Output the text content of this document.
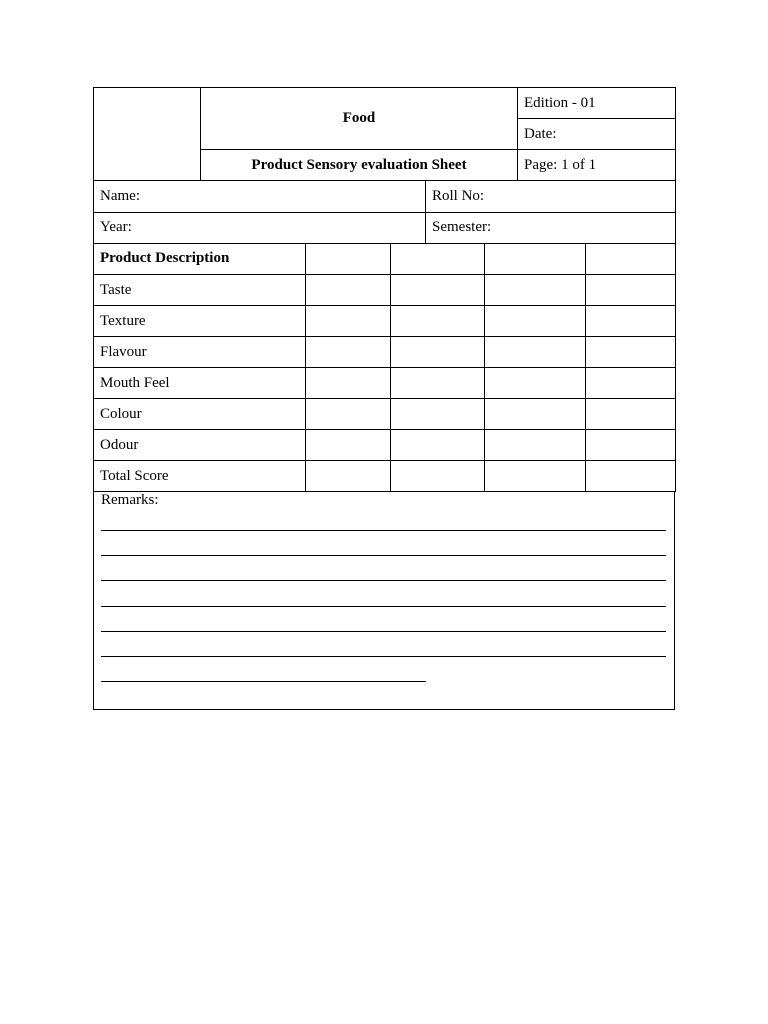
	Food	Edition - 01
		Date:
	Product Sensory evaluation Sheet	Page: 1 of 1
Name:	Roll No:
Year:	Semester:
Product Description				
Taste				
Texture				
Flavour				
Mouth Feel				
Colour				
Odour				
Total Score				
Remarks:
